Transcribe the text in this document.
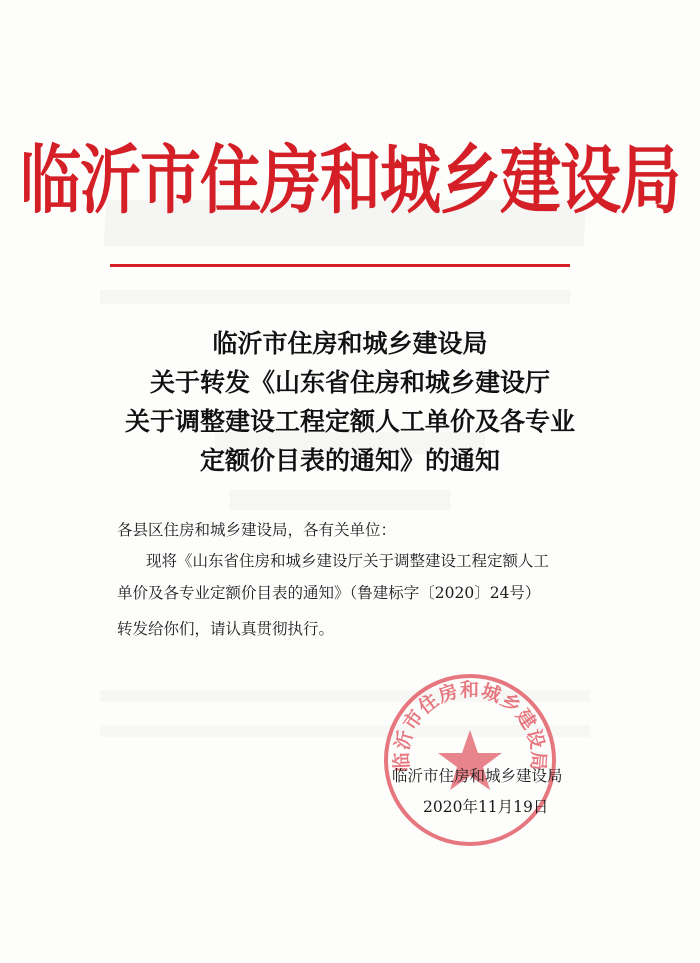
临沂市住房和城乡建设局
临沂市住房和城乡建设局
关于转发《山东省住房和城乡建设厅
关于调整建设工程定额人工单价及各专业
定额价目表的通知》的通知
各县区住房和城乡建设局，各有关单位：
现将《山东省住房和城乡建设厅关于调整建设工程定额人工
单价及各专业定额价目表的通知》（鲁建标字〔2020〕24号）
转发给你们，请认真贯彻执行。
临沂市住房和城乡建设局
临沂市住房和城乡建设局
2020年11月19日
